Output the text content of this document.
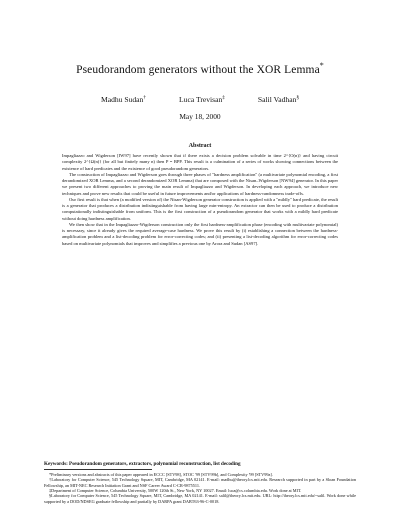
Pseudorandom generators without the XOR Lemma*
Madhu Sudan†	Luca Trevisan‡	Salil Vadhan§
May 18, 2000
Abstract

Impagliazzo and Wigderson [IW97] have recently shown that if there exists a decision problem solvable in time 2^{O(n)} and having circuit complexity 2^{Ω(n)} (for all but finitely many n) then P = BPP. This result is a culmination of a series of works showing connections between the existence of hard predicates and the existence of good pseudorandom generators.

The construction of Impagliazzo and Wigderson goes through three phases of "hardness amplification" (a multivariate polynomial encoding, a first derandomized XOR Lemma, and a second derandomized XOR Lemma) that are composed with the Nisan–Wigderson [NW94] generator. In this paper we present two different approaches to proving the main result of Impagliazzo and Wigderson. In developing each approach, we introduce new techniques and prove new results that could be useful in future improvements and/or applications of hardness-randomness trade-offs.

Our first result is that when (a modified version of) the Nisan-Wigderson generator construction is applied with a "mildly" hard predicate, the result is a generator that produces a distribution indistinguishable from having large min-entropy. An extractor can then be used to produce a distribution computationally indistinguishable from uniform. This is the first construction of a pseudorandom generator that works with a mildly hard predicate without doing hardness amplification.

We then show that in the Impagliazzo-Wigderson construction only the first hardness-amplification phase (encoding with multivariate polynomial) is necessary, since it already gives the required average-case hardness. We prove this result by (i) establishing a connection between the hardness-amplification problem and a list-decoding problem for error-correcting codes; and (ii) presenting a list-decoding algorithm for error-correcting codes based on multivariate polynomials that improves and simplifies a previous one by Arora and Sudan [AS97].

Keywords: Pseudorandom generators, extractors, polynomial reconstruction, list decoding

*Preliminary versions and abstracts of this paper appeared in ECCC [STV98], STOC '99 [STV99b], and Complexity '99 [STV99a].

†Laboratory for Computer Science, 545 Technology Square, MIT, Cambridge, MA 02141. E-mail: madhu@theory.lcs.mit.edu. Research supported in part by a Sloan Foundation Fellowship, an MIT-NEC Research Initiation Grant and NSF Career Award C-CR-9875511.

‡Department of Computer Science, Columbia University, 500W 120th St., New York, NY 10027. Email: luca@cs.columbia.edu. Work done at MIT.

§Laboratory for Computer Science, 545 Technology Square, MIT, Cambridge, MA 02141. E-mail: salil@theory.lcs.mit.edu. URL: http://theory.lcs.mit.edu/~salil. Work done while supported by a DOD/NDSEG graduate fellowship and partially by DARPA grant DABT63-96-C-0018.
